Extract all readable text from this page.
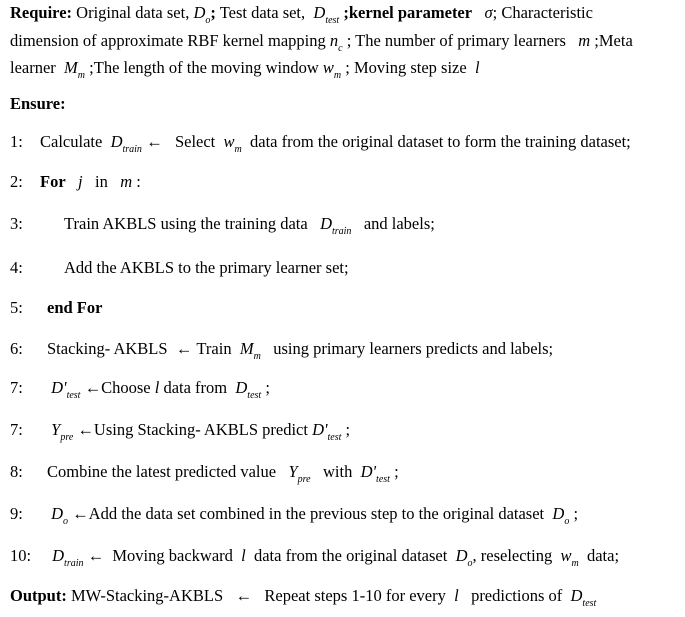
Require: Original data set, $D_o$; Test data set, $D_{test}$ ;kernel parameter σ; Characteristic
dimension of approximate RBF kernel mapping $n_c$ ; The number of primary learners m ;Meta
learner $M_m$ ;The length of the moving window $w_m$ ; Moving step size l
Ensure:
1: Calculate $D_{train}$ ← Select $w_m$ data from the original dataset to form the training dataset;
2: For j in m :
3: Train AKBLS using the training data $D_{train}$ and labels;
4: Add the AKBLS to the primary learner set;
5: end For
6: Stacking- AKBLS ← Train $M_m$ using primary learners predicts and labels;
7: $D'_{test}$ ←Choose l data from $D_{test}$ ;
7: $Y_{pre}$ ←Using Stacking- AKBLS predict $D'_{test}$ ;
8: Combine the latest predicted value $Y_{pre}$ with $D'_{test}$ ;
9: $D_o$ ←Add the data set combined in the previous step to the original dataset $D_o$ ;
10: $D_{train}$ ← Moving backward l data from the original dataset $D_o$, reselecting $w_m$ data;
Output: MW-Stacking-AKBLS ← Repeat steps 1-10 for every l predictions of $D_{test}$
